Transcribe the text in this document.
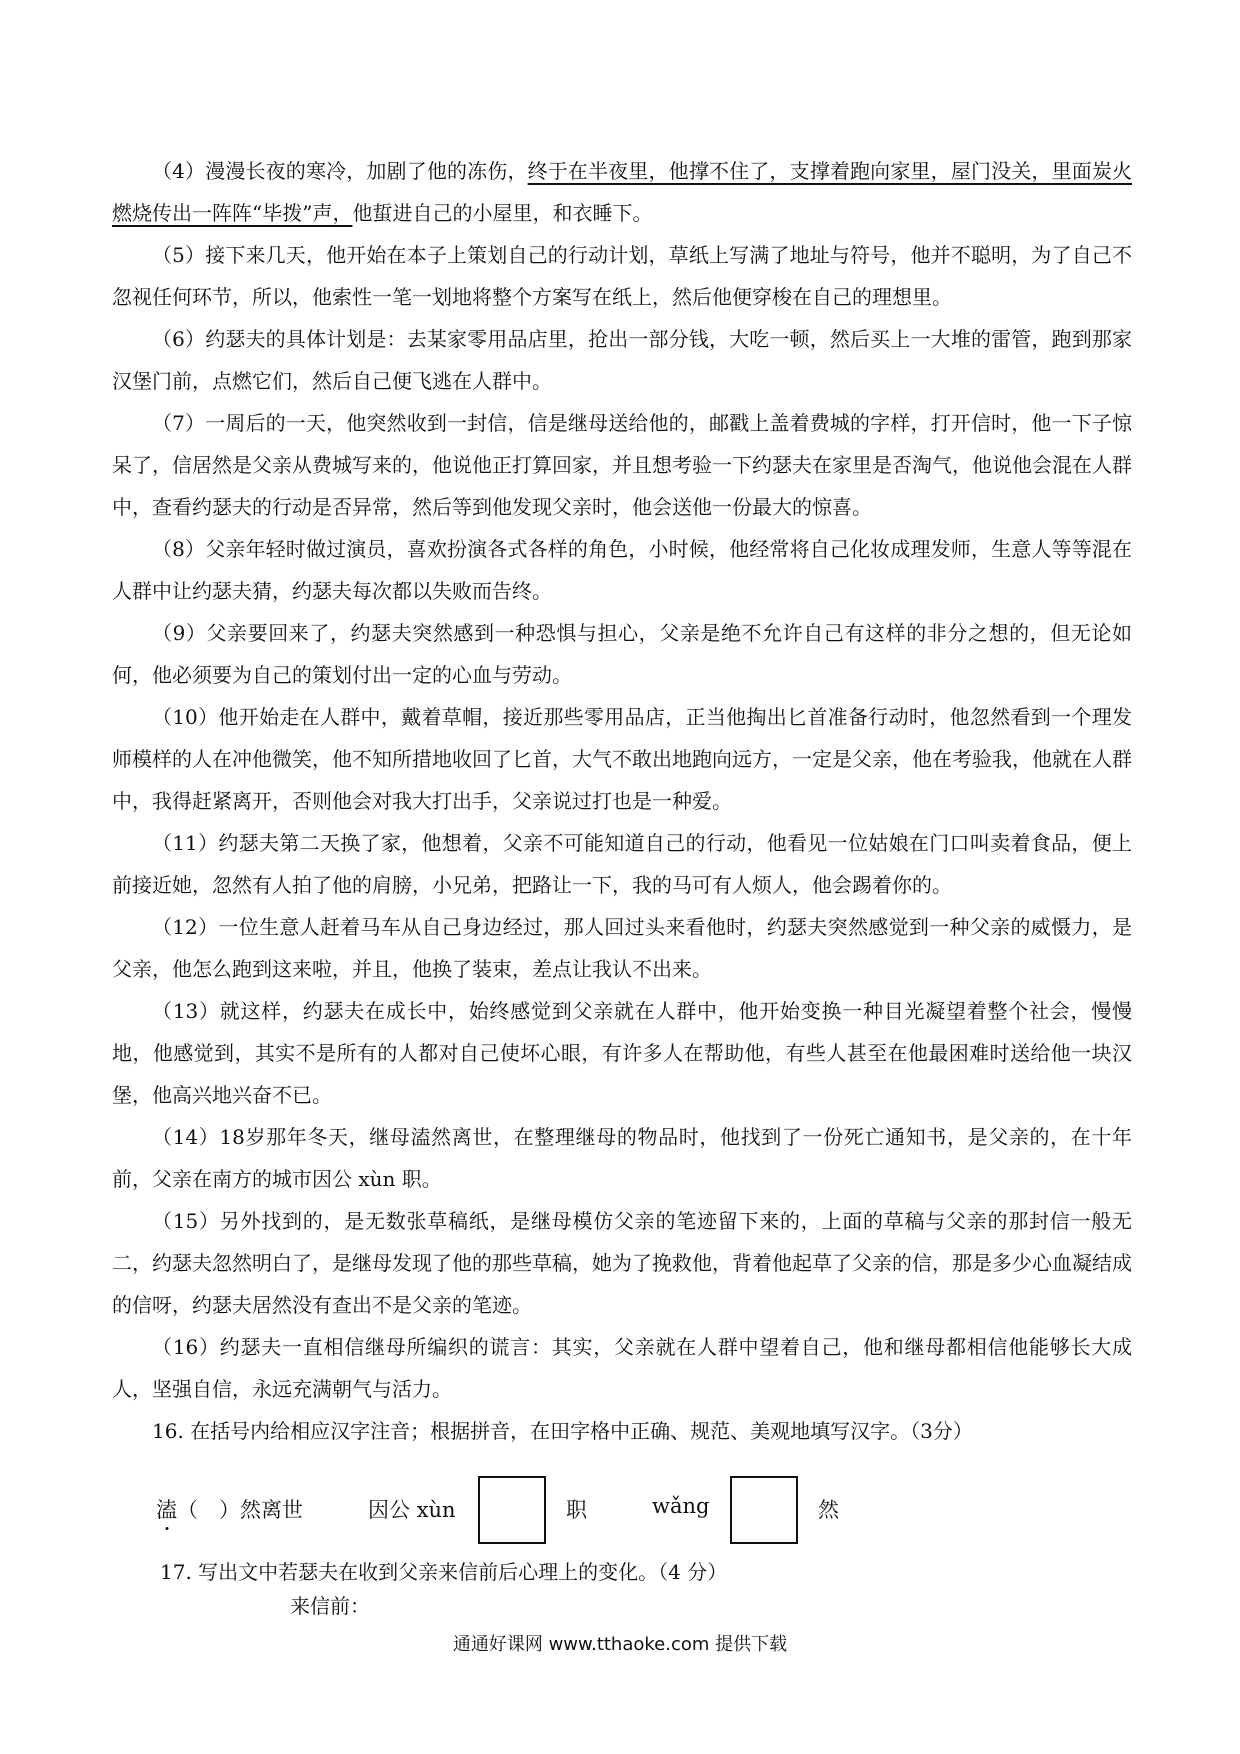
（4）漫漫长夜的寒冷，加剧了他的冻伤，终于在半夜里，他撑不住了，支撑着跑向家里，屋门没关，里面炭火燃烧传出一阵阵“毕拨”声，他蜇进自己的小屋里，和衣睡下。

（5）接下来几天，他开始在本子上策划自己的行动计划，草纸上写满了地址与符号，他并不聪明，为了自己不忽视任何环节，所以，他索性一笔一划地将整个方案写在纸上，然后他便穿梭在自己的理想里。

（6）约瑟夫的具体计划是：去某家零用品店里，抢出一部分钱，大吃一顿，然后买上一大堆的雷管，跑到那家汉堡门前，点燃它们，然后自己便飞逃在人群中。

（7）一周后的一天，他突然收到一封信，信是继母送给他的，邮戳上盖着费城的字样，打开信时，他一下子惊呆了，信居然是父亲从费城写来的，他说他正打算回家，并且想考验一下约瑟夫在家里是否淘气，他说他会混在人群中，查看约瑟夫的行动是否异常，然后等到他发现父亲时，他会送他一份最大的惊喜。

（8）父亲年轻时做过演员，喜欢扮演各式各样的角色，小时候，他经常将自己化妆成理发师，生意人等等混在人群中让约瑟夫猜，约瑟夫每次都以失败而告终。

（9）父亲要回来了，约瑟夫突然感到一种恐惧与担心，父亲是绝不允许自己有这样的非分之想的，但无论如何，他必须要为自己的策划付出一定的心血与劳动。

（10）他开始走在人群中，戴着草帽，接近那些零用品店，正当他掏出匕首准备行动时，他忽然看到一个理发师模样的人在冲他微笑，他不知所措地收回了匕首，大气不敢出地跑向远方，一定是父亲，他在考验我，他就在人群中，我得赶紧离开，否则他会对我大打出手，父亲说过打也是一种爱。

（11）约瑟夫第二天换了家，他想着，父亲不可能知道自己的行动，他看见一位姑娘在门口叫卖着食品，便上前接近她，忽然有人拍了他的肩膀，小兄弟，把路让一下，我的马可有人烦人，他会踢着你的。

（12）一位生意人赶着马车从自己身边经过，那人回过头来看他时，约瑟夫突然感觉到一种父亲的威慑力，是父亲，他怎么跑到这来啦，并且，他换了装束，差点让我认不出来。

（13）就这样，约瑟夫在成长中，始终感觉到父亲就在人群中，他开始变换一种目光凝望着整个社会，慢慢地，他感觉到，其实不是所有的人都对自己使坏心眼，有许多人在帮助他，有些人甚至在他最困难时送给他一块汉堡，他高兴地兴奋不已。

（14）18岁那年冬天，继母溘然离世，在整理继母的物品时，他找到了一份死亡通知书，是父亲的，在十年前，父亲在南方的城市因公 xùn 职。

（15）另外找到的，是无数张草稿纸，是继母模仿父亲的笔迹留下来的，上面的草稿与父亲的那封信一般无二，约瑟夫忽然明白了，是继母发现了他的那些草稿，她为了挽救他，背着他起草了父亲的信，那是多少心血凝结成的信呀，约瑟夫居然没有查出不是父亲的笔迹。

（16）约瑟夫一直相信继母所编织的谎言：其实，父亲就在人群中望着自己，他和继母都相信他能够长大成人，坚强自信，永远充满朝气与活力。

16. 在括号内给相应汉字注音；根据拼音，在田字格中正确、规范、美观地填写汉字。（3分）

溘（　）然离世	因公 xùn	职	wǎng	然
17. 写出文中若瑟夫在收到父亲来信前后心理上的变化。（4 分）
来信前：
通通好课网 www.tthaoke.com 提供下载
